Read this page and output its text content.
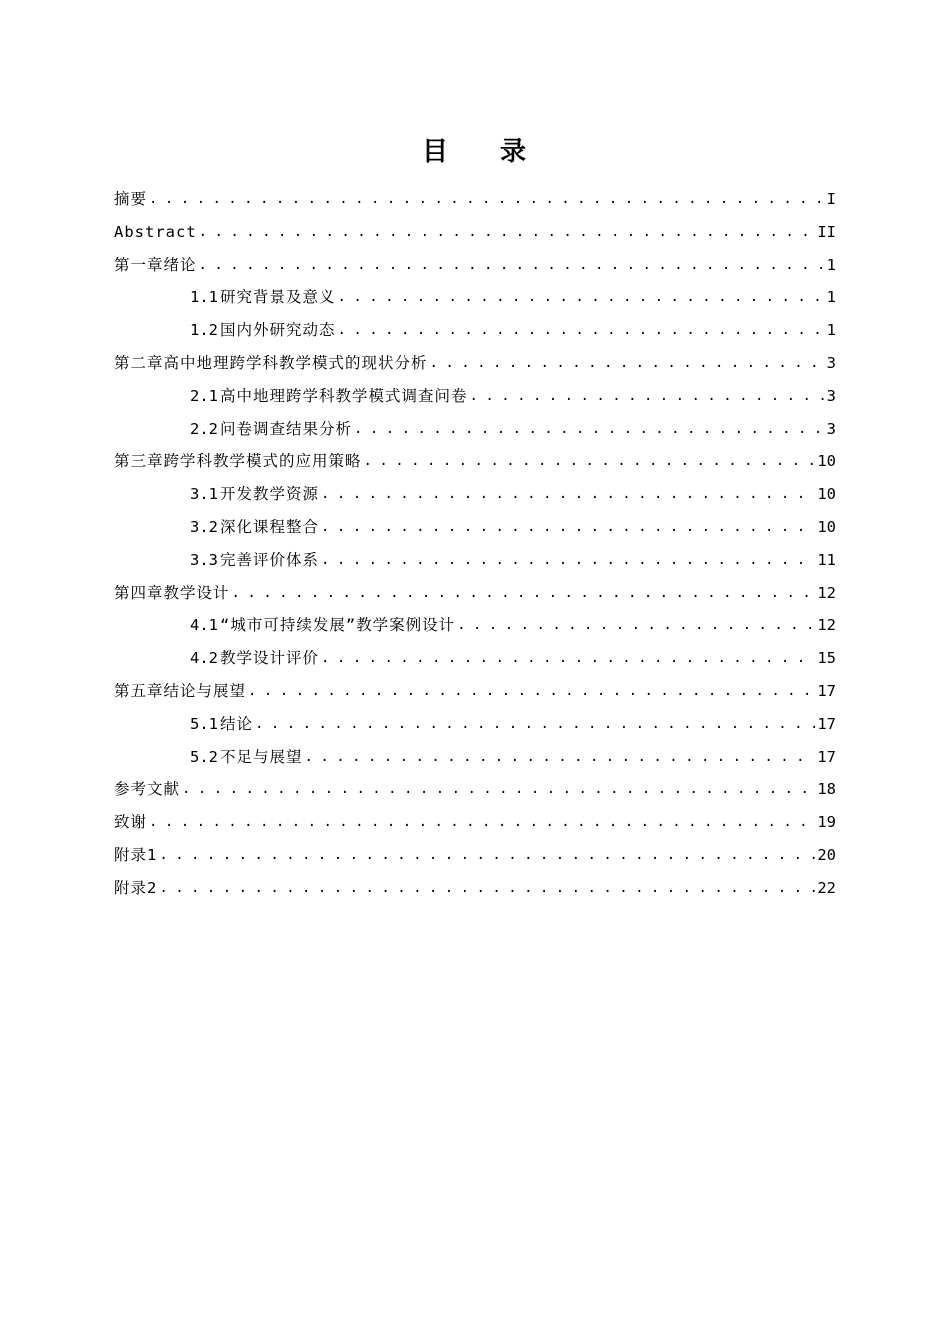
目 录
摘要 . . .	I
Abstract . . .	II
第一章 绪论 . . .	1
1.1 研究背景及意义 . . .	1
1.2 国内外研究动态 . . .	1
第二章 高中地理跨学科教学模式的现状分析 . . .	3
2.1 高中地理跨学科教学模式调查问卷 . . .	3
2.2 问卷调查结果分析 . . .	3
第三章 跨学科教学模式的应用策略 . . .	10
3.1 开发教学资源 . . .	10
3.2 深化课程整合 . . .	10
3.3 完善评价体系 . . .	11
第四章 教学设计 . . .	12
4.1 “城市可持续发展”教学案例设计 . . .	12
4.2 教学设计评价 . . .	15
第五章 结论与展望 . . .	17
5.1 结论 . . .	17
5.2 不足与展望 . . .	17
参考文献 . . .	18
致谢 . . .	19
附录1 . . .	20
附录2 . . .	22
